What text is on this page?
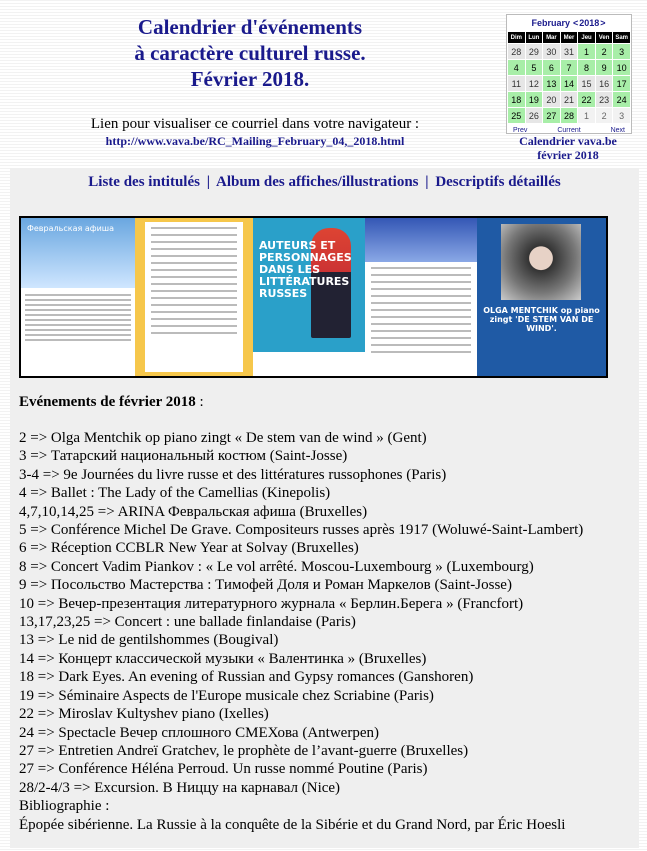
Calendrier d'événements
à caractère culturel russe.
Février 2018.
Lien pour visualiser ce courriel dans votre navigateur :
http://www.vava.be/RC_Mailing_February_04,_2018.html
February < 2018 >
Dim	Lun	Mar	Mer	Jeu	Ven	Sam
28	29	30	31	1	2	3
4	5	6	7	8	9	10
11	12	13	14	15	16	17
18	19	20	21	22	23	24
25	26	27	28	1	2	3
Prev	Current	Next
Calendrier vava.be
février 2018
Liste des intitulés | Album des affiches/illustrations | Descriptifs détaillés
Февральская афиша
AUTEURS ET PERSONNAGES DANS LES LITTÉRATURES RUSSES
OLGA MENTCHIK op piano zingt 'DE STEM VAN DE WIND'.
Evénements de février 2018 :
2 => Olga Mentchik op piano zingt « De stem van de wind » (Gent)
3 => Татарский национальный костюм (Saint-Josse)
3-4 => 9e Journées du livre russe et des littératures russophones (Paris)
4 => Ballet : The Lady of the Camellias (Kinepolis)
4,7,10,14,25 => ARINA Февральская афиша (Bruxelles)
5 => Conférence Michel De Grave. Compositeurs russes après 1917 (Woluwé-Saint-Lambert)
6 => Réception CCBLR New Year at Solvay (Bruxelles)
8 => Concert Vadim Piankov : « Le vol arrêté. Moscou-Luxembourg » (Luxembourg)
9 => Посольство Мастерства : Тимофей Доля и Роман Маркелов (Saint-Josse)
10 => Вечер-презентация литературного журнала « Берлин.Берега » (Francfort)
13,17,23,25 => Concert : une ballade finlandaise (Paris)
13 => Le nid de gentilshommes (Bougival)
14 => Концерт классической музыки « Валентинка » (Bruxelles)
18 => Dark Eyes. An evening of Russian and Gypsy romances (Ganshoren)
19 => Séminaire Aspects de l'Europe musicale chez Scriabine (Paris)
22 => Miroslav Kultyshev piano (Ixelles)
24 => Spectacle Вечер сплошного СМЕХова (Antwerpen)
27 => Entretien Andreï Gratchev, le prophète de l’avant-guerre (Bruxelles)
27 => Conférence Héléna Perroud. Un russe nommé Poutine (Paris)
28/2-4/3 => Excursion. В Ниццу на карнавал (Nice)
Bibliographie :
Épopée sibérienne. La Russie à la conquête de la Sibérie et du Grand Nord, par Éric Hoesli
